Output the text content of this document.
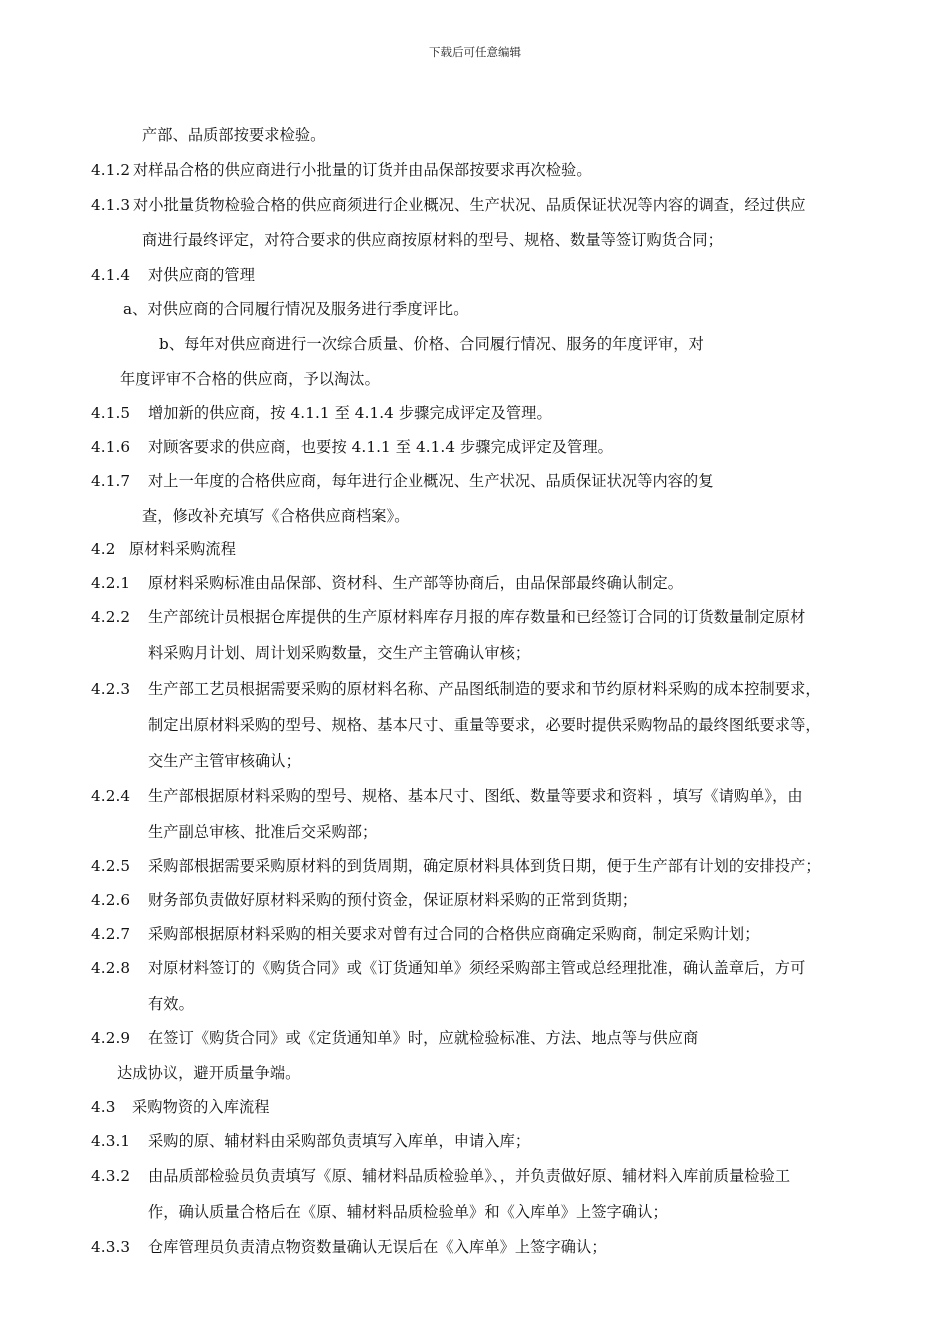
下载后可任意编辑
产部、品质部按要求检验。
4.1.2 对样品合格的供应商进行小批量的订货并由品保部按要求再次检验。
4.1.3 对小批量货物检验合格的供应商须进行企业概况、生产状况、品质保证状况等内容的调查，经过供应
商进行最终评定，对符合要求的供应商按原材料的型号、规格、数量等签订购货合同；
4.1.4 对供应商的管理
a、对供应商的合同履行情况及服务进行季度评比。
b、每年对供应商进行一次综合质量、价格、合同履行情况、服务的年度评审，对
年度评审不合格的供应商，予以淘汰。
4.1.5 增加新的供应商，按 4.1.1 至 4.1.4 步骤完成评定及管理。
4.1.6 对顾客要求的供应商，也要按 4.1.1 至 4.1.4 步骤完成评定及管理。
4.1.7 对上一年度的合格供应商，每年进行企业概况、生产状况、品质保证状况等内容的复
查，修改补充填写《合格供应商档案》。
4.2 原材料采购流程
4.2.1 原材料采购标准由品保部、资材科、生产部等协商后，由品保部最终确认制定。
4.2.2 生产部统计员根据仓库提供的生产原材料库存月报的库存数量和已经签订合同的订货数量制定原材
料采购月计划、周计划采购数量，交生产主管确认审核；
4.2.3 生产部工艺员根据需要采购的原材料名称、产品图纸制造的要求和节约原材料采购的成本控制要求，
制定出原材料采购的型号、规格、基本尺寸、重量等要求，必要时提供采购物品的最终图纸要求等，
交生产主管审核确认；
4.2.4 生产部根据原材料采购的型号、规格、基本尺寸、图纸、数量等要求和资料 ，填写《请购单》，由
生产副总审核、批准后交采购部；
4.2.5 采购部根据需要采购原材料的到货周期，确定原材料具体到货日期，便于生产部有计划的安排投产；
4.2.6 财务部负责做好原材料采购的预付资金，保证原材料采购的正常到货期；
4.2.7 采购部根据原材料采购的相关要求对曾有过合同的合格供应商确定采购商，制定采购计划；
4.2.8 对原材料签订的《购货合同》或《订货通知单》须经采购部主管或总经理批准，确认盖章后，方可
有效。
4.2.9 在签订《购货合同》或《定货通知单》时，应就检验标准、方法、地点等与供应商
达成协议，避开质量争端。
4.3 采购物资的入库流程
4.3.1 采购的原、辅材料由采购部负责填写入库单，申请入库；
4.3.2 由品质部检验员负责填写《原、辅材料品质检验单》、，并负责做好原、辅材料入库前质量检验工
作，确认质量合格后在《原、辅材料品质检验单》和《入库单》上签字确认；
4.3.3 仓库管理员负责清点物资数量确认无误后在《入库单》上签字确认；
